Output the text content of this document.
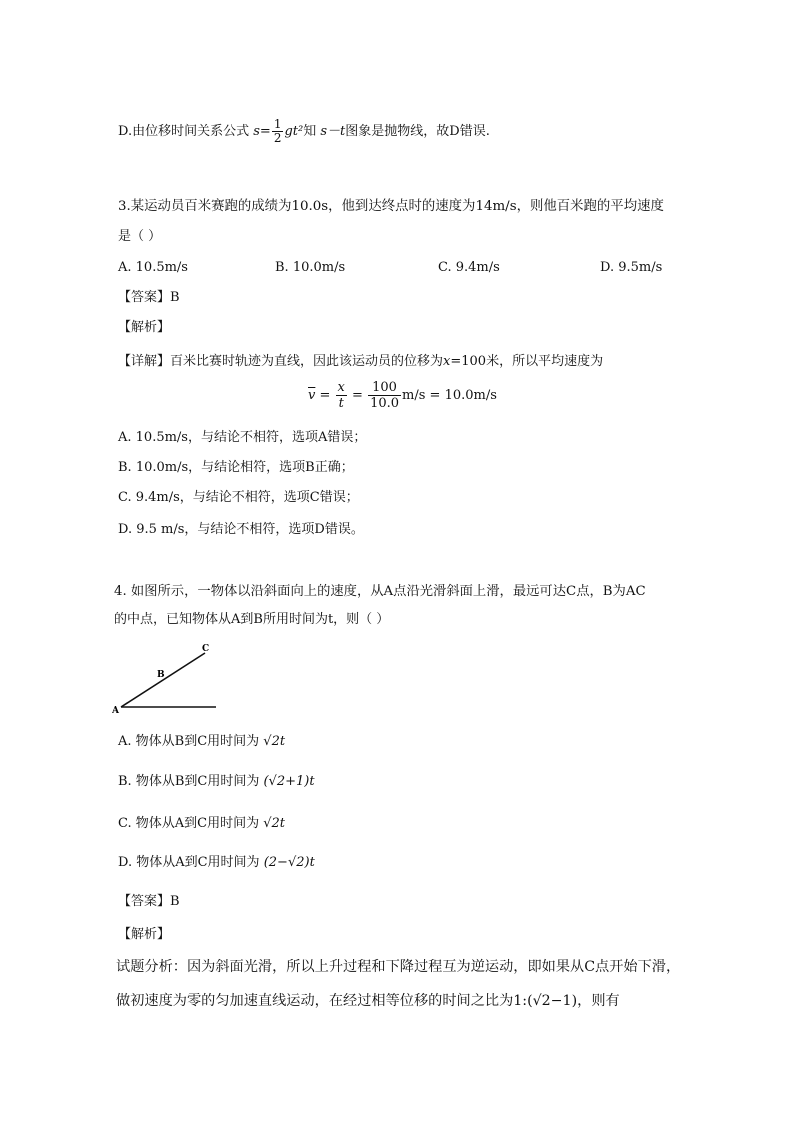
D.由位移时间关系公式 $s= \frac{1}{2} gt^2$知 s－t图象是抛物线，故D错误.
3.某运动员百米赛跑的成绩为10.0s，他到达终点时的速度为14m/s，则他百米跑的平均速度
是（ ）
A. 10.5m/s	B. 10.0m/s	C. 9.4m/s	D. 9.5m/s
【答案】B
【解析】
【详解】百米比赛时轨迹为直线，因此该运动员的位移为x=100米，所以平均速度为
$\overline{v} = \frac{x}{t} = \frac{100}{10.0} m/s = 10.0m/s$
A. 10.5m/s，与结论不相符，选项A错误；
B. 10.0m/s，与结论相符，选项B正确；
C. 9.4m/s，与结论不相符，选项C错误；
D. 9.5 m/s，与结论不相符，选项D错误。
4. 如图所示，一物体以沿斜面向上的速度，从A点沿光滑斜面上滑，最远可达C点，B为AC
的中点，已知物体从A到B所用时间为t，则（ ）
A
B
C
A. 物体从B到C用时间为 √2t
B. 物体从B到C用时间为 (√2+1)t
C. 物体从A到C用时间为 √2t
D. 物体从A到C用时间为 (2−√2)t
【答案】B
【解析】
试题分析：因为斜面光滑，所以上升过程和下降过程互为逆运动，即如果从C点开始下滑，
做初速度为零的匀加速直线运动，在经过相等位移的时间之比为1:(√2−1)，则有
